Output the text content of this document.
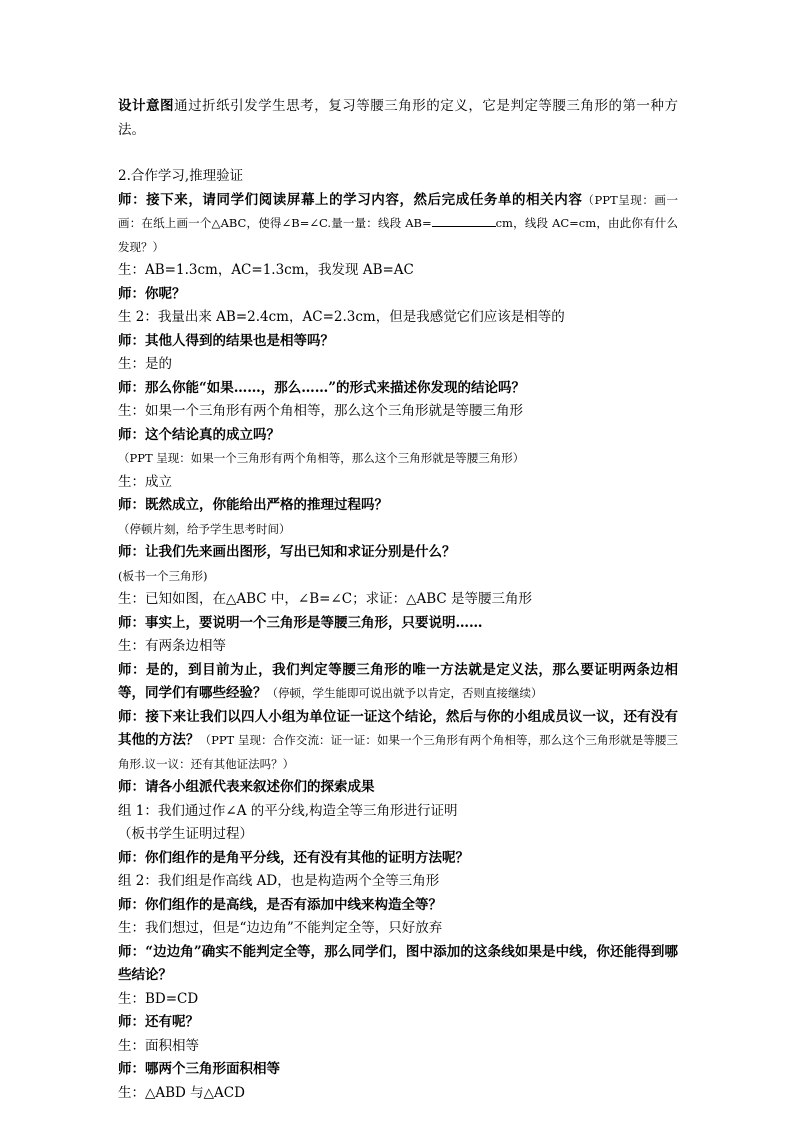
设计意图通过折纸引发学生思考，复习等腰三角形的定义，它是判定等腰三角形的第一种方法。

2.合作学习,推理验证

师：接下来，请同学们阅读屏幕上的学习内容，然后完成任务单的相关内容（PPT呈现：画一画：在纸上画一个△ABC，使得∠B=∠C.量一量：线段 AB=	cm，线段 AC=cm，由此你有什么发现？）

生：AB=1.3cm，AC=1.3cm，我发现 AB=AC

师：你呢？

生 2：我量出来 AB=2.4cm，AC=2.3cm，但是我感觉它们应该是相等的

师：其他人得到的结果也是相等吗？

生：是的

师：那么你能“如果……，那么……”的形式来描述你发现的结论吗？

生：如果一个三角形有两个角相等，那么这个三角形就是等腰三角形

师：这个结论真的成立吗？

（PPT 呈现：如果一个三角形有两个角相等，那么这个三角形就是等腰三角形）

生：成立

师：既然成立，你能给出严格的推理过程吗？

（停顿片刻，给予学生思考时间）

师：让我们先来画出图形，写出已知和求证分别是什么？

(板书一个三角形)

生：已知如图，在△ABC 中，∠B=∠C；求证：△ABC 是等腰三角形

师：事实上，要说明一个三角形是等腰三角形，只要说明……

生：有两条边相等

师：是的，到目前为止，我们判定等腰三角形的唯一方法就是定义法，那么要证明两条边相等，同学们有哪些经验？（停顿，学生能即可说出就予以肯定，否则直接继续）

师：接下来让我们以四人小组为单位证一证这个结论，然后与你的小组成员议一议，还有没有其他的方法？（PPT 呈现：合作交流：证一证：如果一个三角形有两个角相等，那么这个三角形就是等腰三角形.议一议：还有其他证法吗？）

师：请各小组派代表来叙述你们的探索成果

组 1：我们通过作∠A 的平分线,构造全等三角形进行证明

（板书学生证明过程）

师：你们组作的是角平分线，还有没有其他的证明方法呢？

组 2：我们组是作高线 AD，也是构造两个全等三角形

师：你们组作的是高线，是否有添加中线来构造全等？

生：我们想过，但是“边边角”不能判定全等，只好放弃

师：“边边角”确实不能判定全等，那么同学们，图中添加的这条线如果是中线，你还能得到哪些结论？

生：BD=CD

师：还有呢？

生：面积相等

师：哪两个三角形面积相等

生：△ABD 与△ACD
